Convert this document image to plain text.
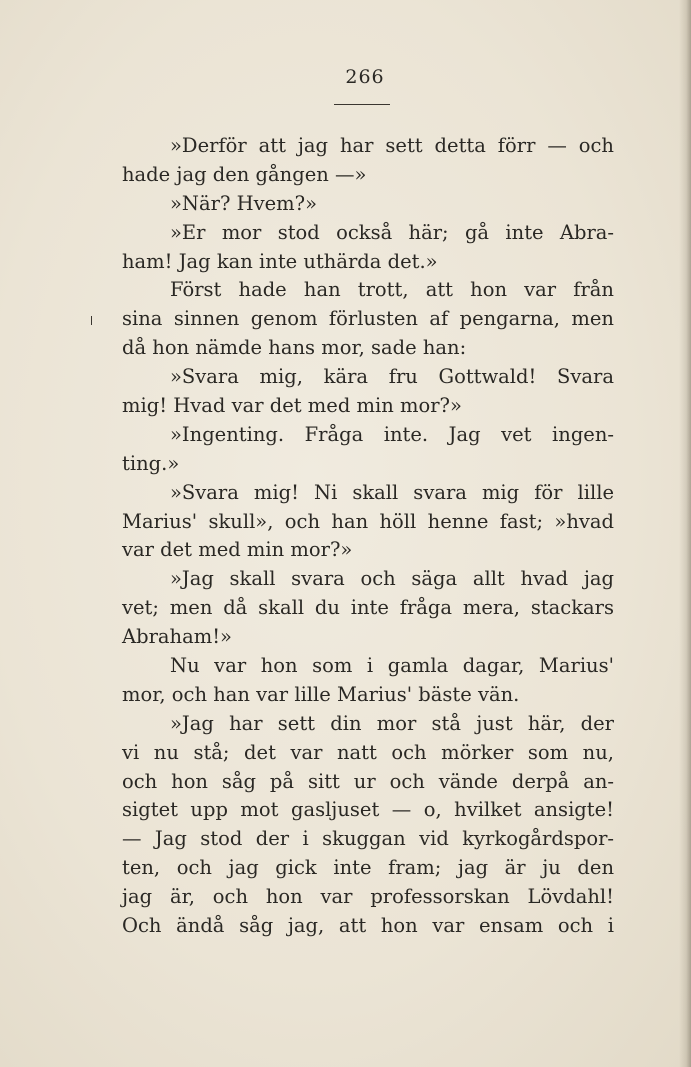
266
»Derför att jag har sett detta förr — och
hade jag den gången —»
»När? Hvem?»
»Er mor stod också här; gå inte Abra-
ham! Jag kan inte uthärda det.»
Först hade han trott, att hon var från
sina sinnen genom förlusten af pengarna, men
då hon nämde hans mor, sade han:
»Svara mig, kära fru Gottwald! Svara
mig! Hvad var det med min mor?»
»Ingenting. Fråga inte. Jag vet ingen-
ting.»
»Svara mig! Ni skall svara mig för lille
Marius' skull», och han höll henne fast; »hvad
var det med min mor?»
»Jag skall svara och säga allt hvad jag
vet; men då skall du inte fråga mera, stackars
Abraham!»
Nu var hon som i gamla dagar, Marius'
mor, och han var lille Marius' bäste vän.
»Jag har sett din mor stå just här, der
vi nu stå; det var natt och mörker som nu,
och hon såg på sitt ur och vände derpå an-
sigtet upp mot gasljuset — o, hvilket ansigte!
— Jag stod der i skuggan vid kyrkogårdspor-
ten, och jag gick inte fram; jag är ju den
jag är, och hon var professorskan Lövdahl!
Och ändå såg jag, att hon var ensam och i
